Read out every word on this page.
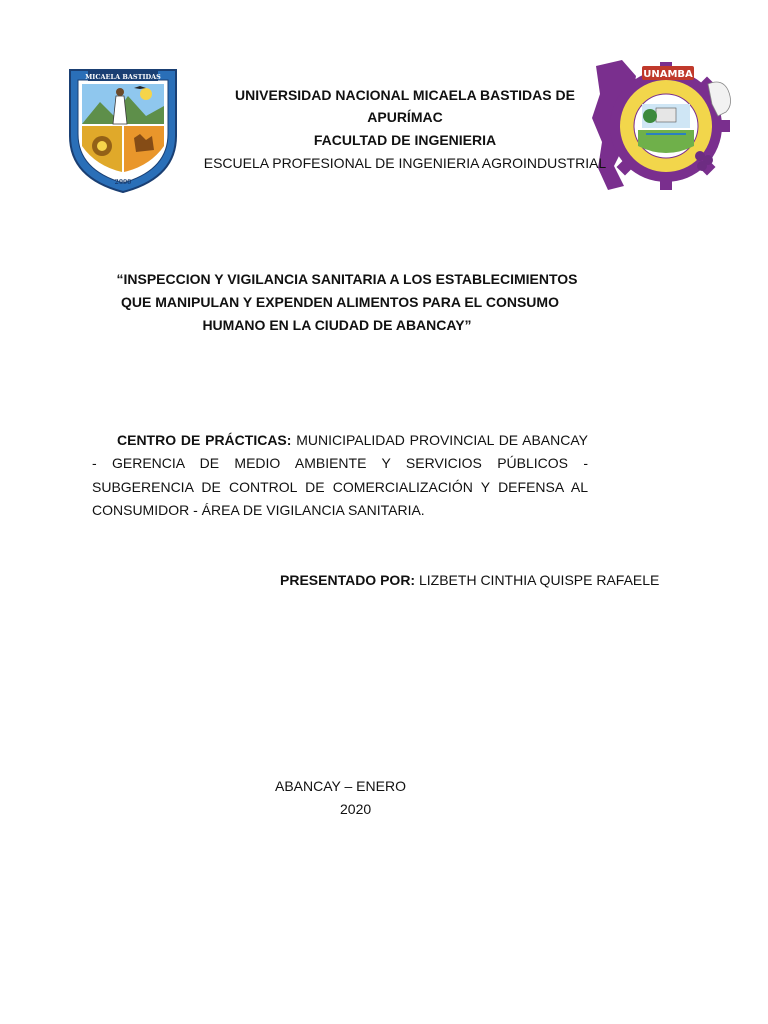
MICAELA BASTIDAS
2000
UNAMBA
UNIVERSIDAD NACIONAL MICAELA BASTIDAS DE
APURÍMAC
FACULTAD DE INGENIERIA
ESCUELA PROFESIONAL DE INGENIERIA AGROINDUSTRIAL
“INSPECCION Y VIGILANCIA SANITARIA A LOS ESTABLECIMIENTOS
QUE MANIPULAN Y EXPENDEN ALIMENTOS PARA EL CONSUMO
HUMANO EN LA CIUDAD DE ABANCAY”

CENTRO DE PRÁCTICAS: MUNICIPALIDAD PROVINCIAL DE ABANCAY - GERENCIA DE MEDIO AMBIENTE Y SERVICIOS PÚBLICOS - SUBGERENCIA DE CONTROL DE COMERCIALIZACIÓN Y DEFENSA AL CONSUMIDOR - ÁREA DE VIGILANCIA SANITARIA.

PRESENTADO POR: LIZBETH CINTHIA QUISPE RAFAELE
ABANCAY – ENERO
2020
